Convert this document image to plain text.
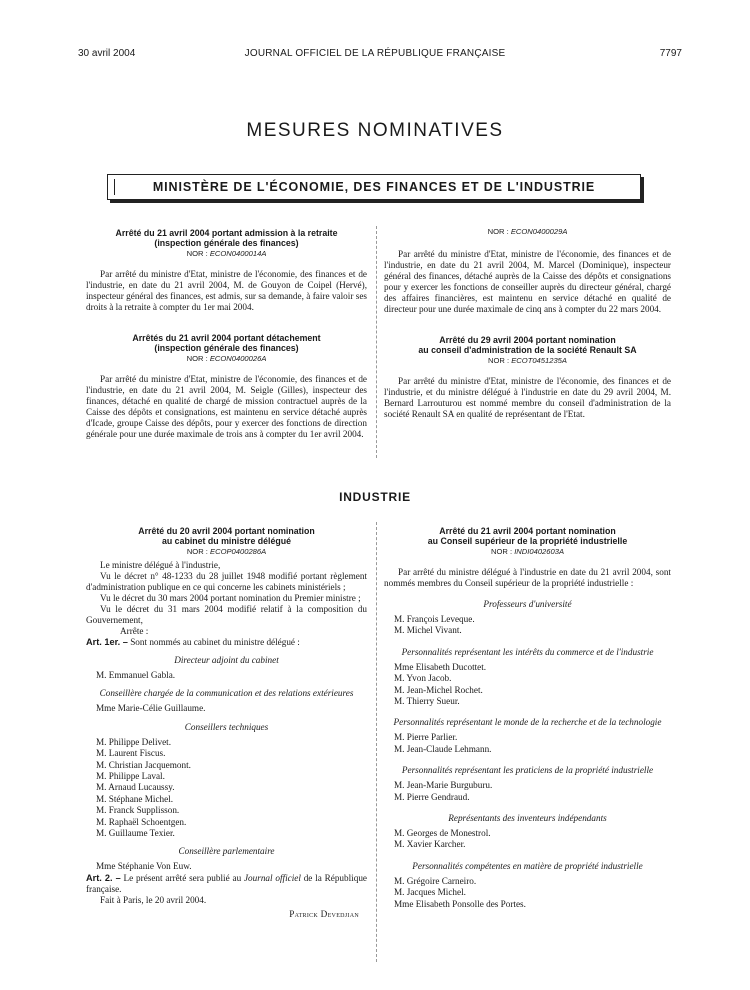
30 avril 2004	JOURNAL OFFICIEL DE LA RÉPUBLIQUE FRANÇAISE	7797
MESURES NOMINATIVES
MINISTÈRE DE L'ÉCONOMIE, DES FINANCES ET DE L'INDUSTRIE
Arrêté du 21 avril 2004 portant admission à la retraite
(inspection générale des finances)
NOR : ECON0400014A

Par arrêté du ministre d'Etat, ministre de l'économie, des finances et de l'industrie, en date du 21 avril 2004, M. de Gouyon de Coipel (Hervé), inspecteur général des finances, est admis, sur sa demande, à faire valoir ses droits à la retraite à compter du 1er mai 2004.

Arrêtés du 21 avril 2004 portant détachement
(inspection générale des finances)
NOR : ECON0400026A

Par arrêté du ministre d'Etat, ministre de l'économie, des finances et de l'industrie, en date du 21 avril 2004, M. Seigle (Gilles), inspecteur des finances, détaché en qualité de chargé de mission contractuel auprès de la Caisse des dépôts et consignations, est maintenu en service détaché auprès d'Icade, groupe Caisse des dépôts, pour y exercer des fonctions de direction générale pour une durée maximale de trois ans à compter du 1er avril 2004.

NOR : ECON0400029A

Par arrêté du ministre d'Etat, ministre de l'économie, des finances et de l'industrie, en date du 21 avril 2004, M. Marcel (Dominique), inspecteur général des finances, détaché auprès de la Caisse des dépôts et consignations pour y exercer les fonctions de conseiller auprès du directeur général, chargé des affaires financières, est maintenu en service détaché en qualité de directeur pour une durée maximale de cinq ans à compter du 22 mars 2004.

Arrêté du 29 avril 2004 portant nomination
au conseil d'administration de la société Renault SA
NOR : ECOT0451235A

Par arrêté du ministre d'Etat, ministre de l'économie, des finances et de l'industrie, et du ministre délégué à l'industrie en date du 29 avril 2004, M. Bernard Larrouturou est nommé membre du conseil d'administration de la société Renault SA en qualité de représentant de l'Etat.

INDUSTRIE
Arrêté du 20 avril 2004 portant nomination
au cabinet du ministre délégué
NOR : ECOP0400286A

Le ministre délégué à l'industrie,

Vu le décret n° 48-1233 du 28 juillet 1948 modifié portant règlement d'administration publique en ce qui concerne les cabinets ministériels ;

Vu le décret du 30 mars 2004 portant nomination du Premier ministre ;

Vu le décret du 31 mars 2004 modifié relatif à la composition du Gouvernement,

Arrête :

Art. 1er. – Sont nommés au cabinet du ministre délégué :

Directeur adjoint du cabinet
M. Emmanuel Gabla.
Conseillère chargée de la communication et des relations extérieures
Mme Marie-Célie Guillaume.
Conseillers techniques
M. Philippe Delivet.
M. Laurent Fiscus.
M. Christian Jacquemont.
M. Philippe Laval.
M. Arnaud Lucaussy.
M. Stéphane Michel.
M. Franck Supplisson.
M. Raphaël Schoentgen.
M. Guillaume Texier.
Conseillère parlementaire
Mme Stéphanie Von Euw.

Art. 2. – Le présent arrêté sera publié au Journal officiel de la République française.

Fait à Paris, le 20 avril 2004.

Patrick Devedjian
Arrêté du 21 avril 2004 portant nomination
au Conseil supérieur de la propriété industrielle
NOR : INDI0402603A

Par arrêté du ministre délégué à l'industrie en date du 21 avril 2004, sont nommés membres du Conseil supérieur de la propriété industrielle :

Professeurs d'université
M. François Leveque.
M. Michel Vivant.
Personnalités représentant les intérêts du commerce et de l'industrie
Mme Elisabeth Ducottet.
M. Yvon Jacob.
M. Jean-Michel Rochet.
M. Thierry Sueur.
Personnalités représentant le monde de la recherche et de la technologie
M. Pierre Parlier.
M. Jean-Claude Lehmann.
Personnalités représentant les praticiens de la propriété industrielle
M. Jean-Marie Burguburu.
M. Pierre Gendraud.
Représentants des inventeurs indépendants
M. Georges de Monestrol.
M. Xavier Karcher.
Personnalités compétentes en matière de propriété industrielle
M. Grégoire Carneiro.
M. Jacques Michel.
Mme Elisabeth Ponsolle des Portes.
